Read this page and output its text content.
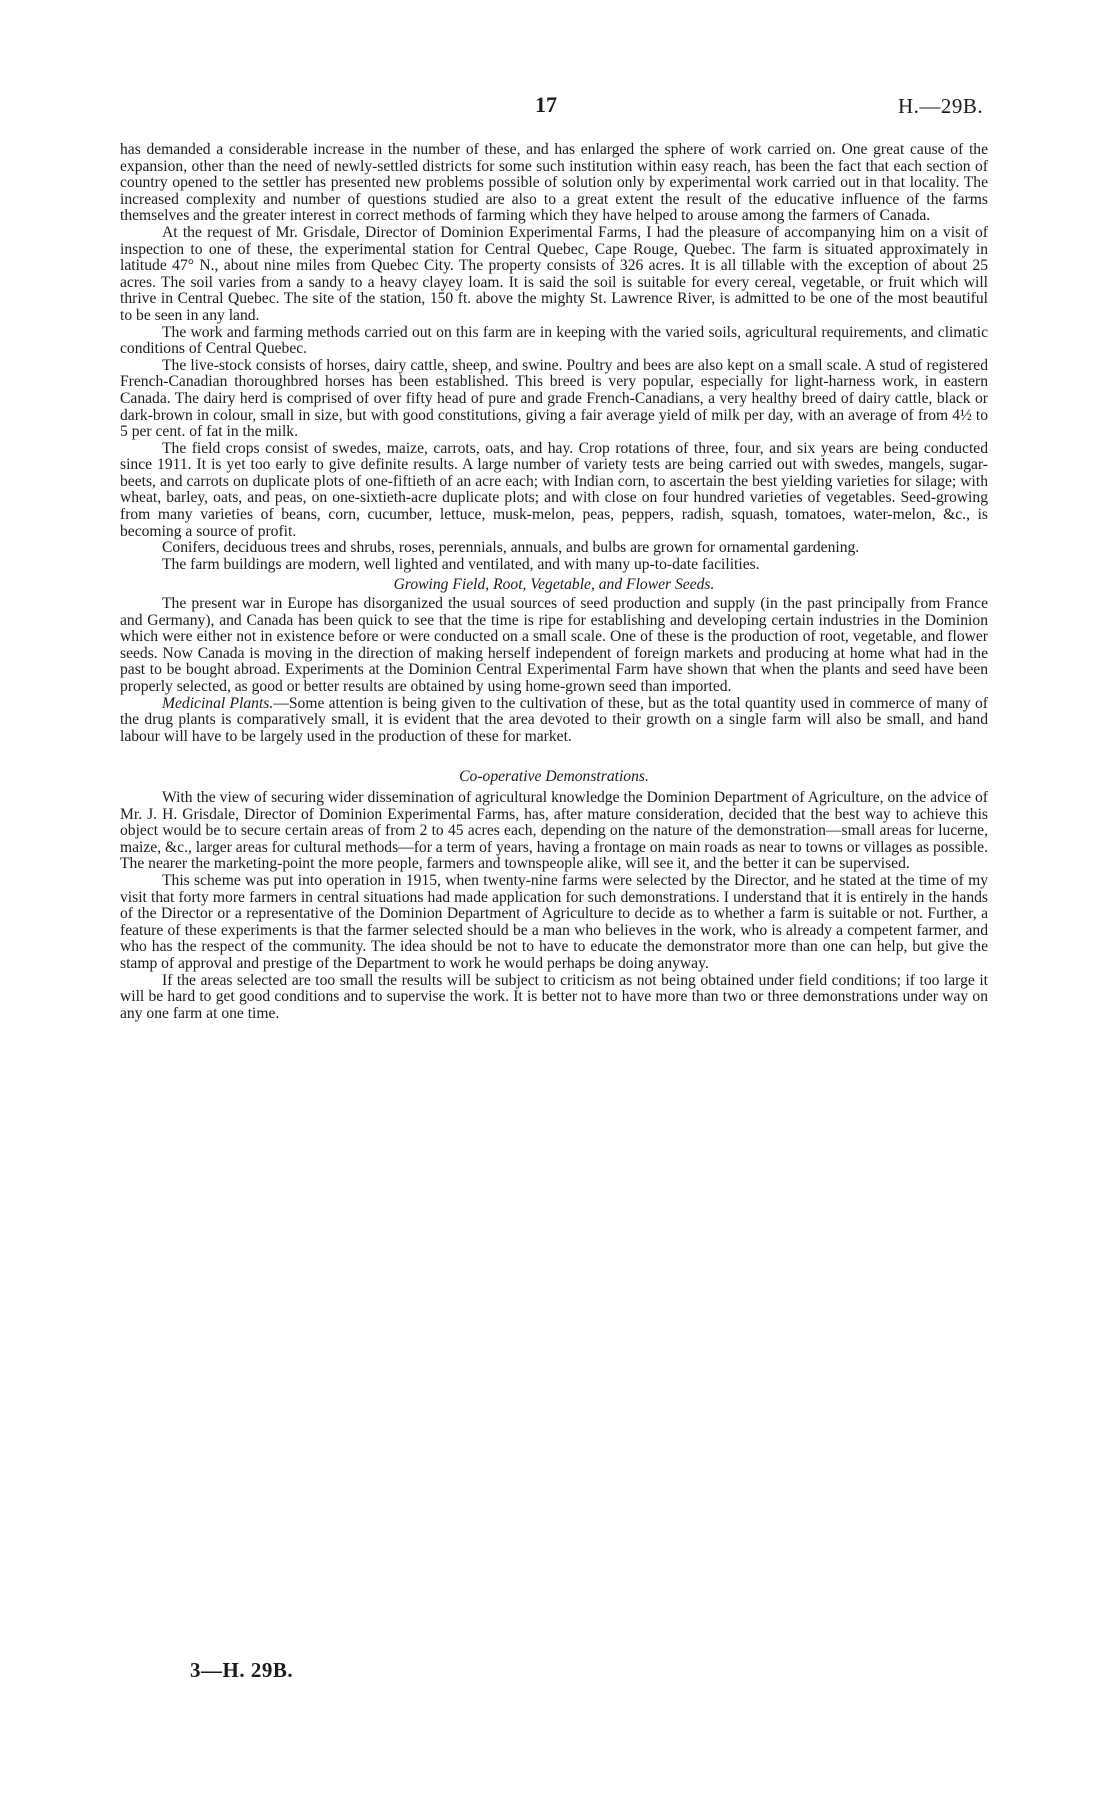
17	H.—29B.

has demanded a considerable increase in the number of these, and has enlarged the sphere of work carried on. One great cause of the expansion, other than the need of newly-settled districts for some such institution within easy reach, has been the fact that each section of country opened to the settler has presented new problems possible of solution only by experimental work carried out in that locality. The increased complexity and number of questions studied are also to a great extent the result of the educative influence of the farms themselves and the greater interest in correct methods of farming which they have helped to arouse among the farmers of Canada.

At the request of Mr. Grisdale, Director of Dominion Experimental Farms, I had the pleasure of accompanying him on a visit of inspection to one of these, the experimental station for Central Quebec, Cape Rouge, Quebec. The farm is situated approximately in latitude 47° N., about nine miles from Quebec City. The property consists of 326 acres. It is all tillable with the exception of about 25 acres. The soil varies from a sandy to a heavy clayey loam. It is said the soil is suitable for every cereal, vegetable, or fruit which will thrive in Central Quebec. The site of the station, 150 ft. above the mighty St. Lawrence River, is admitted to be one of the most beautiful to be seen in any land.

The work and farming methods carried out on this farm are in keeping with the varied soils, agricultural requirements, and climatic conditions of Central Quebec.

The live-stock consists of horses, dairy cattle, sheep, and swine. Poultry and bees are also kept on a small scale. A stud of registered French-Canadian thoroughbred horses has been established. This breed is very popular, especially for light-harness work, in eastern Canada. The dairy herd is comprised of over fifty head of pure and grade French-Canadians, a very healthy breed of dairy cattle, black or dark-brown in colour, small in size, but with good constitutions, giving a fair average yield of milk per day, with an average of from 4½ to 5 per cent. of fat in the milk.

The field crops consist of swedes, maize, carrots, oats, and hay. Crop rotations of three, four, and six years are being conducted since 1911. It is yet too early to give definite results. A large number of variety tests are being carried out with swedes, mangels, sugar-beets, and carrots on duplicate plots of one-fiftieth of an acre each; with Indian corn, to ascertain the best yielding varieties for silage; with wheat, barley, oats, and peas, on one-sixtieth-acre duplicate plots; and with close on four hundred varieties of vegetables. Seed-growing from many varieties of beans, corn, cucumber, lettuce, musk-melon, peas, peppers, radish, squash, tomatoes, water-melon, &c., is becoming a source of profit.

Conifers, deciduous trees and shrubs, roses, perennials, annuals, and bulbs are grown for ornamental gardening.

The farm buildings are modern, well lighted and ventilated, and with many up-to-date facilities.

Growing Field, Root, Vegetable, and Flower Seeds.

The present war in Europe has disorganized the usual sources of seed production and supply (in the past principally from France and Germany), and Canada has been quick to see that the time is ripe for establishing and developing certain industries in the Dominion which were either not in existence before or were conducted on a small scale. One of these is the production of root, vegetable, and flower seeds. Now Canada is moving in the direction of making herself independent of foreign markets and producing at home what had in the past to be bought abroad. Experiments at the Dominion Central Experimental Farm have shown that when the plants and seed have been properly selected, as good or better results are obtained by using home-grown seed than imported.

Medicinal Plants.—Some attention is being given to the cultivation of these, but as the total quantity used in commerce of many of the drug plants is comparatively small, it is evident that the area devoted to their growth on a single farm will also be small, and hand labour will have to be largely used in the production of these for market.

Co-operative Demonstrations.

With the view of securing wider dissemination of agricultural knowledge the Dominion Department of Agriculture, on the advice of Mr. J. H. Grisdale, Director of Dominion Experimental Farms, has, after mature consideration, decided that the best way to achieve this object would be to secure certain areas of from 2 to 45 acres each, depending on the nature of the demonstration—small areas for lucerne, maize, &c., larger areas for cultural methods—for a term of years, having a frontage on main roads as near to towns or villages as possible. The nearer the marketing-point the more people, farmers and townspeople alike, will see it, and the better it can be supervised.

This scheme was put into operation in 1915, when twenty-nine farms were selected by the Director, and he stated at the time of my visit that forty more farmers in central situations had made application for such demonstrations. I understand that it is entirely in the hands of the Director or a representative of the Dominion Department of Agriculture to decide as to whether a farm is suitable or not. Further, a feature of these experiments is that the farmer selected should be a man who believes in the work, who is already a competent farmer, and who has the respect of the community. The idea should be not to have to educate the demonstrator more than one can help, but give the stamp of approval and prestige of the Department to work he would perhaps be doing anyway.

If the areas selected are too small the results will be subject to criticism as not being obtained under field conditions; if too large it will be hard to get good conditions and to supervise the work. It is better not to have more than two or three demonstrations under way on any one farm at one time.

3—H. 29B.
